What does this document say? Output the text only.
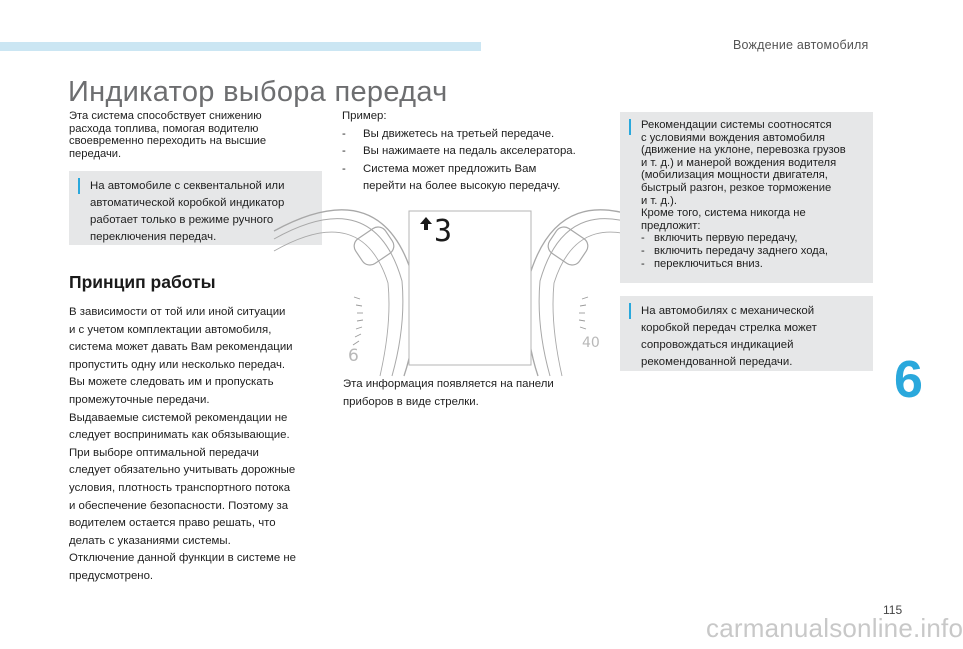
Вождение автомобиля
Индикатор выбора передач

Эта система способствует снижению

расхода топлива, помогая водителю

своевременно переходить на высшие

передачи.

На автомобиле с секвентальной или

автоматической коробкой индикатор

работает только в режиме ручного

переключения передач.

Принцип работы

В зависимости от той или иной ситуации

и с учетом комплектации автомобиля,

система может давать Вам рекомендации

пропустить одну или несколько передач.

Вы можете следовать им и пропускать

промежуточные передачи.

Выдаваемые системой рекомендации не

следует воспринимать как обязывающие.

При выборе оптимальной передачи

следует обязательно учитывать дорожные

условия, плотность транспортного потока

и обеспечение безопасности. Поэтому за

водителем остается право решать, что

делать с указаниями системы.

Отключение данной функции в системе не

предусмотрено.

Пример:
-	Вы движетесь на третьей передаче.
-	Вы нажимаете на педаль акселератора.
-	Система может предложить Вам
перейти на более высокую передачу.
3
6
40

Эта информация появляется на панели

приборов в виде стрелки.

Рекомендации системы соотносятся

с условиями вождения автомобиля

(движение на уклоне, перевозка грузов

и т. д.) и манерой вождения водителя

(мобилизация мощности двигателя,

быстрый разгон, резкое торможение

и т. д.).

Кроме того, система никогда не

предложит:

- включить первую передачу,
- включить передачу заднего хода,
- переключиться вниз.

На автомобилях с механической

коробкой передач стрелка может

сопровождаться индикацией

рекомендованной передачи.	6
115
carmanualsonline.info
